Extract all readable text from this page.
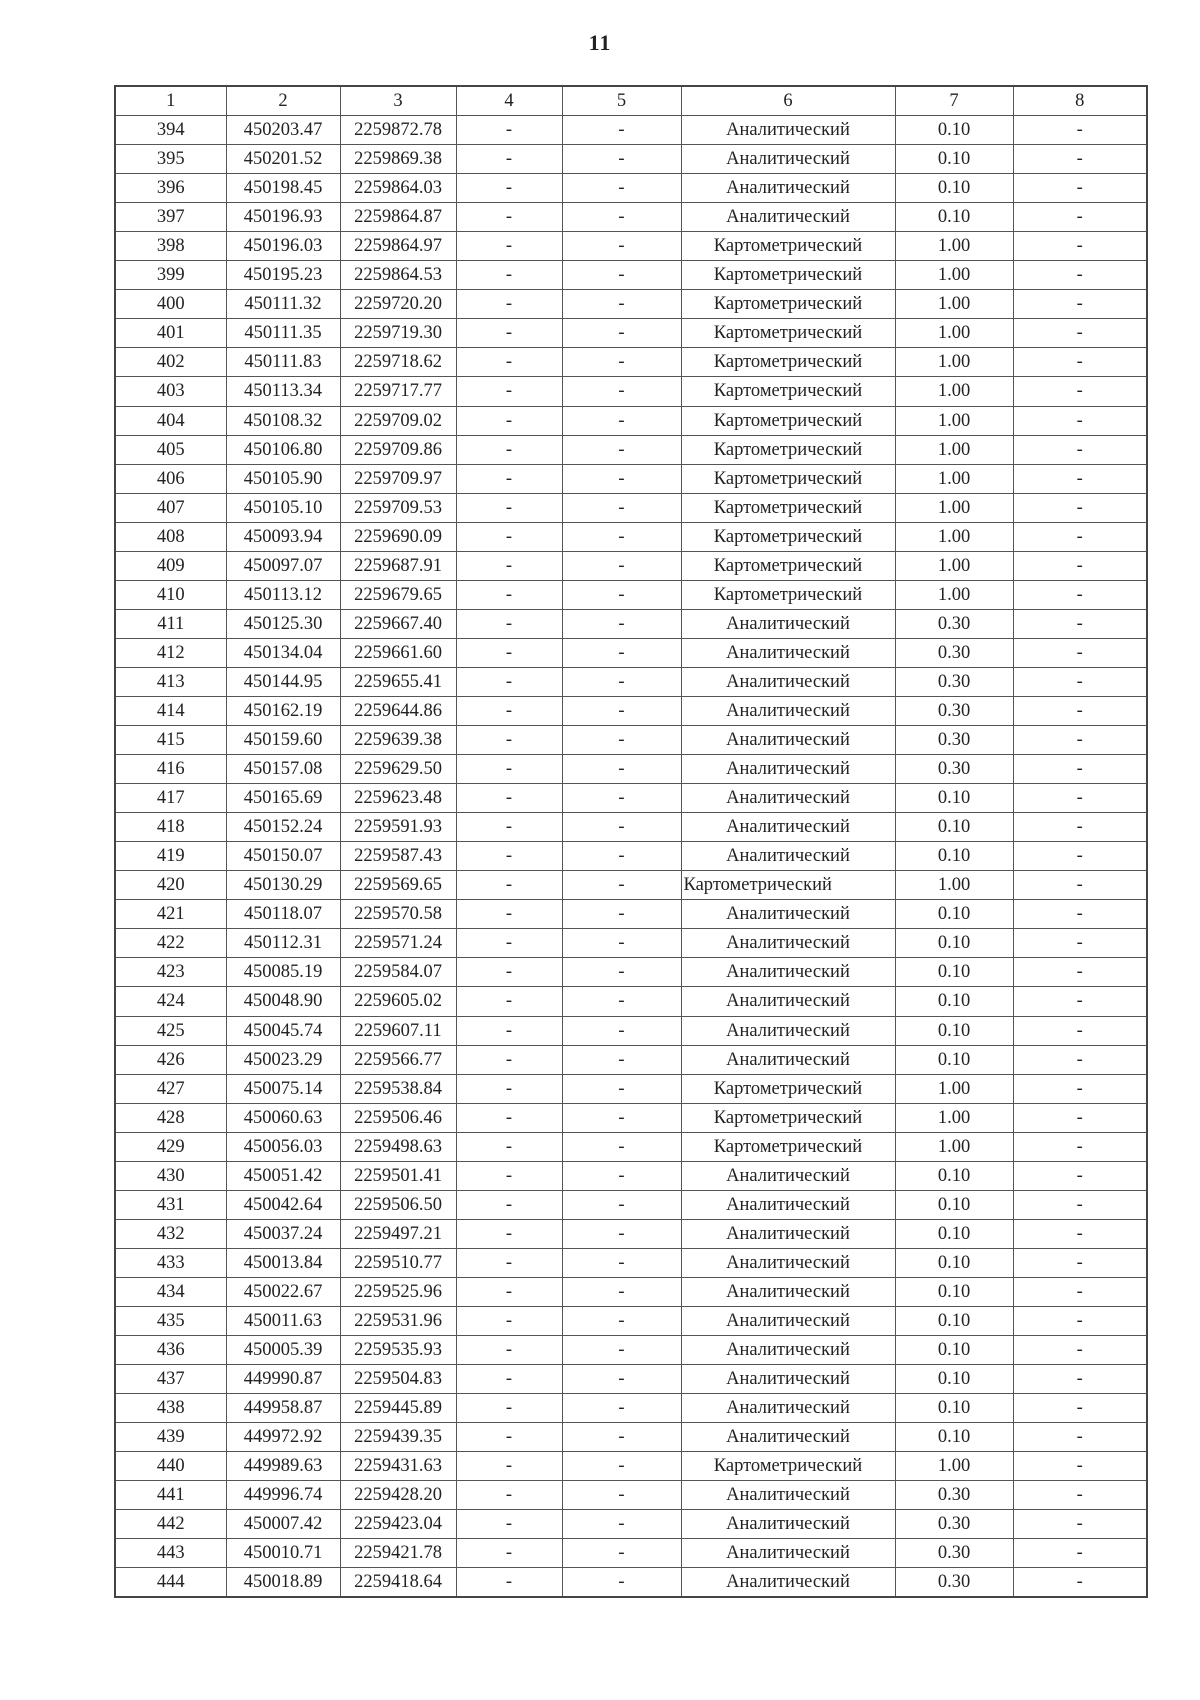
11
1	2	3	4	5	6	7	8
394	450203.47	2259872.78	-	-	Аналитический	0.10	-
395	450201.52	2259869.38	-	-	Аналитический	0.10	-
396	450198.45	2259864.03	-	-	Аналитический	0.10	-
397	450196.93	2259864.87	-	-	Аналитический	0.10	-
398	450196.03	2259864.97	-	-	Картометрический	1.00	-
399	450195.23	2259864.53	-	-	Картометрический	1.00	-
400	450111.32	2259720.20	-	-	Картометрический	1.00	-
401	450111.35	2259719.30	-	-	Картометрический	1.00	-
402	450111.83	2259718.62	-	-	Картометрический	1.00	-
403	450113.34	2259717.77	-	-	Картометрический	1.00	-
404	450108.32	2259709.02	-	-	Картометрический	1.00	-
405	450106.80	2259709.86	-	-	Картометрический	1.00	-
406	450105.90	2259709.97	-	-	Картометрический	1.00	-
407	450105.10	2259709.53	-	-	Картометрический	1.00	-
408	450093.94	2259690.09	-	-	Картометрический	1.00	-
409	450097.07	2259687.91	-	-	Картометрический	1.00	-
410	450113.12	2259679.65	-	-	Картометрический	1.00	-
411	450125.30	2259667.40	-	-	Аналитический	0.30	-
412	450134.04	2259661.60	-	-	Аналитический	0.30	-
413	450144.95	2259655.41	-	-	Аналитический	0.30	-
414	450162.19	2259644.86	-	-	Аналитический	0.30	-
415	450159.60	2259639.38	-	-	Аналитический	0.30	-
416	450157.08	2259629.50	-	-	Аналитический	0.30	-
417	450165.69	2259623.48	-	-	Аналитический	0.10	-
418	450152.24	2259591.93	-	-	Аналитический	0.10	-
419	450150.07	2259587.43	-	-	Аналитический	0.10	-
420	450130.29	2259569.65	-	-	Картометрический	1.00	-
421	450118.07	2259570.58	-	-	Аналитический	0.10	-
422	450112.31	2259571.24	-	-	Аналитический	0.10	-
423	450085.19	2259584.07	-	-	Аналитический	0.10	-
424	450048.90	2259605.02	-	-	Аналитический	0.10	-
425	450045.74	2259607.11	-	-	Аналитический	0.10	-
426	450023.29	2259566.77	-	-	Аналитический	0.10	-
427	450075.14	2259538.84	-	-	Картометрический	1.00	-
428	450060.63	2259506.46	-	-	Картометрический	1.00	-
429	450056.03	2259498.63	-	-	Картометрический	1.00	-
430	450051.42	2259501.41	-	-	Аналитический	0.10	-
431	450042.64	2259506.50	-	-	Аналитический	0.10	-
432	450037.24	2259497.21	-	-	Аналитический	0.10	-
433	450013.84	2259510.77	-	-	Аналитический	0.10	-
434	450022.67	2259525.96	-	-	Аналитический	0.10	-
435	450011.63	2259531.96	-	-	Аналитический	0.10	-
436	450005.39	2259535.93	-	-	Аналитический	0.10	-
437	449990.87	2259504.83	-	-	Аналитический	0.10	-
438	449958.87	2259445.89	-	-	Аналитический	0.10	-
439	449972.92	2259439.35	-	-	Аналитический	0.10	-
440	449989.63	2259431.63	-	-	Картометрический	1.00	-
441	449996.74	2259428.20	-	-	Аналитический	0.30	-
442	450007.42	2259423.04	-	-	Аналитический	0.30	-
443	450010.71	2259421.78	-	-	Аналитический	0.30	-
444	450018.89	2259418.64	-	-	Аналитический	0.30	-
